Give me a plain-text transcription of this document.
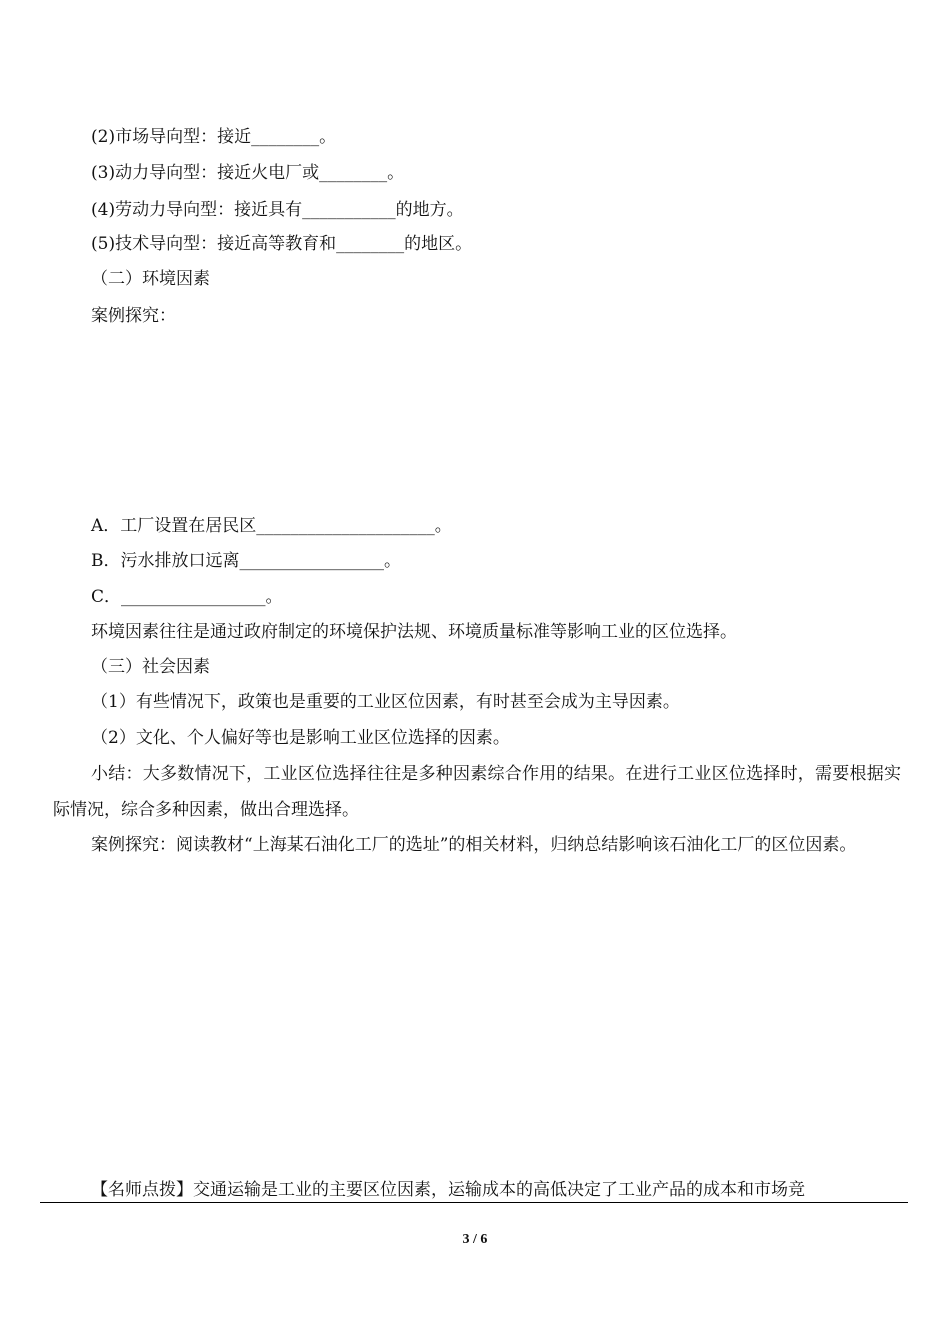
(2)市场导向型：接近________。
(3)动力导向型：接近火电厂或________。
(4)劳动力导向型：接近具有___________的地方。
(5)技术导向型：接近高等教育和________的地区。
（二）环境因素
案例探究：
A．工厂设置在居民区_____________________。
B．污水排放口远离_________________。
C．_________________。
环境因素往往是通过政府制定的环境保护法规、环境质量标准等影响工业的区位选择。
（三）社会因素
（1）有些情况下，政策也是重要的工业区位因素，有时甚至会成为主导因素。
（2）文化、个人偏好等也是影响工业区位选择的因素。
小结：大多数情况下，工业区位选择往往是多种因素综合作用的结果。在进行工业区位选择时，需要根据实际情况，综合多种因素，做出合理选择。
案例探究：阅读教材“上海某石油化工厂的选址”的相关材料，归纳总结影响该石油化工厂的区位因素。
【名师点拨】交通运输是工业的主要区位因素，运输成本的高低决定了工业产品的成本和市场竞
3 / 6
